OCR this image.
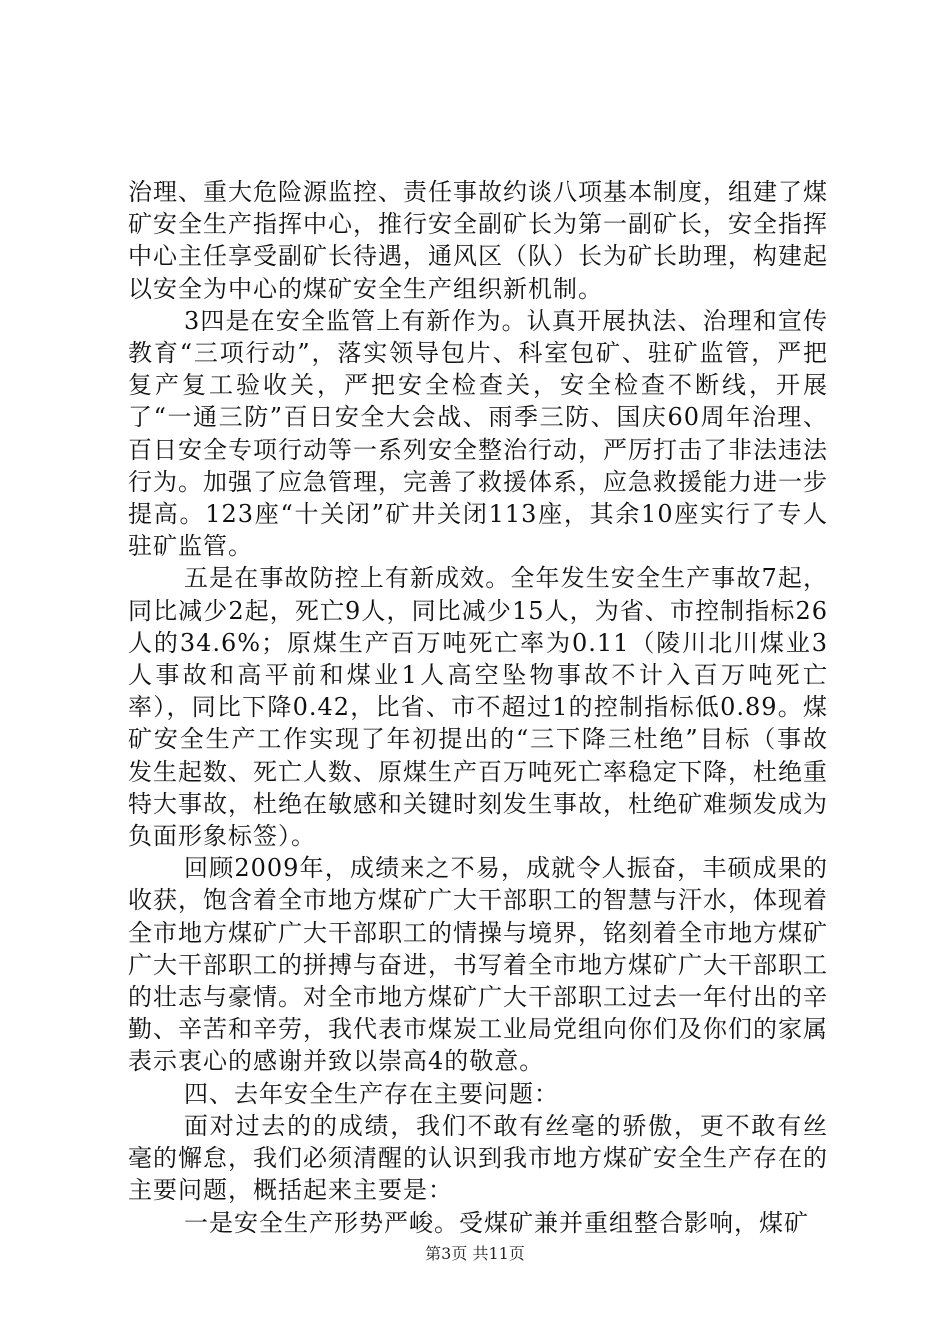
治理、重大危险源监控、责任事故约谈八项基本制度，组建了煤矿安全生产指挥中心，推行安全副矿长为第一副矿长，安全指挥中心主任享受副矿长待遇，通风区（队）长为矿长助理，构建起以安全为中心的煤矿安全生产组织新机制。

3四是在安全监管上有新作为。认真开展执法、治理和宣传教育“三项行动”，落实领导包片、科室包矿、驻矿监管，严把复产复工验收关，严把安全检查关，安全检查不断线，开展了“一通三防”百日安全大会战、雨季三防、国庆60周年治理、百日安全专项行动等一系列安全整治行动，严厉打击了非法违法行为。加强了应急管理，完善了救援体系，应急救援能力进一步提高。123座“十关闭”矿井关闭113座，其余10座实行了专人驻矿监管。

五是在事故防控上有新成效。全年发生安全生产事故7起，同比减少2起，死亡9人，同比减少15人，为省、市控制指标26人的34.6%；原煤生产百万吨死亡率为0.11（陵川北川煤业3人事故和高平前和煤业1人高空坠物事故不计入百万吨死亡率），同比下降0.42，比省、市不超过1的控制指标低0.89。煤矿安全生产工作实现了年初提出的“三下降三杜绝”目标（事故发生起数、死亡人数、原煤生产百万吨死亡率稳定下降，杜绝重特大事故，杜绝在敏感和关键时刻发生事故，杜绝矿难频发成为负面形象标签）。

回顾2009年，成绩来之不易，成就令人振奋，丰硕成果的收获，饱含着全市地方煤矿广大干部职工的智慧与汗水，体现着全市地方煤矿广大干部职工的情操与境界，铭刻着全市地方煤矿广大干部职工的拼搏与奋进，书写着全市地方煤矿广大干部职工的壮志与豪情。对全市地方煤矿广大干部职工过去一年付出的辛勤、辛苦和辛劳，我代表市煤炭工业局党组向你们及你们的家属表示衷心的感谢并致以崇高4的敬意。

四、去年安全生产存在主要问题：

面对过去的的成绩，我们不敢有丝毫的骄傲，更不敢有丝毫的懈怠，我们必须清醒的认识到我市地方煤矿安全生产存在的主要问题，概括起来主要是：

一是安全生产形势严峻。受煤矿兼并重组整合影响，煤矿

第3页 共11页
